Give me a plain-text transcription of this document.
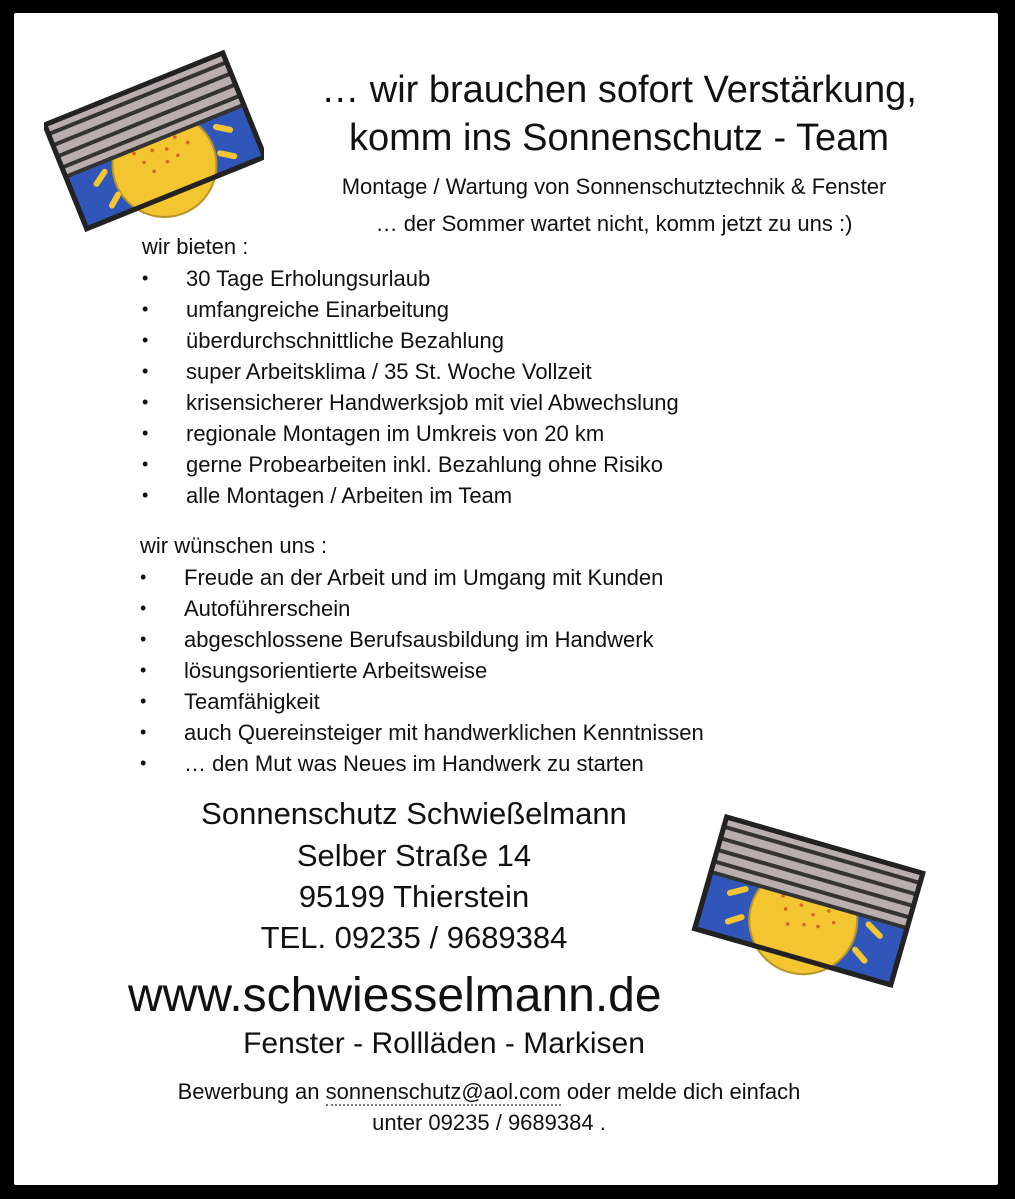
… wir brauchen sofort Verstärkung,
komm ins Sonnenschutz - Team
Montage / Wartung von Sonnenschutztechnik & Fenster
… der Sommer wartet nicht, komm jetzt zu uns :)
wir bieten :
• 30 Tage Erholungsurlaub
• umfangreiche Einarbeitung
• überdurchschnittliche Bezahlung
• super Arbeitsklima / 35 St. Woche Vollzeit
• krisensicherer Handwerksjob mit viel Abwechslung
• regionale Montagen im Umkreis von 20 km
• gerne Probearbeiten inkl. Bezahlung ohne Risiko
• alle Montagen / Arbeiten im Team
wir wünschen uns :
• Freude an der Arbeit und im Umgang mit Kunden
• Autoführerschein
• abgeschlossene Berufsausbildung im Handwerk
• lösungsorientierte Arbeitsweise
• Teamfähigkeit
• auch Quereinsteiger mit handwerklichen Kenntnissen
• … den Mut was Neues im Handwerk zu starten
Sonnenschutz Schwießelmann
Selber Straße 14
95199 Thierstein
TEL. 09235 / 9689384
www.schwiesselmann.de
Fenster - Rollläden - Markisen
Bewerbung an sonnenschutz@aol.com oder melde dich einfach
unter 09235 / 9689384 .
